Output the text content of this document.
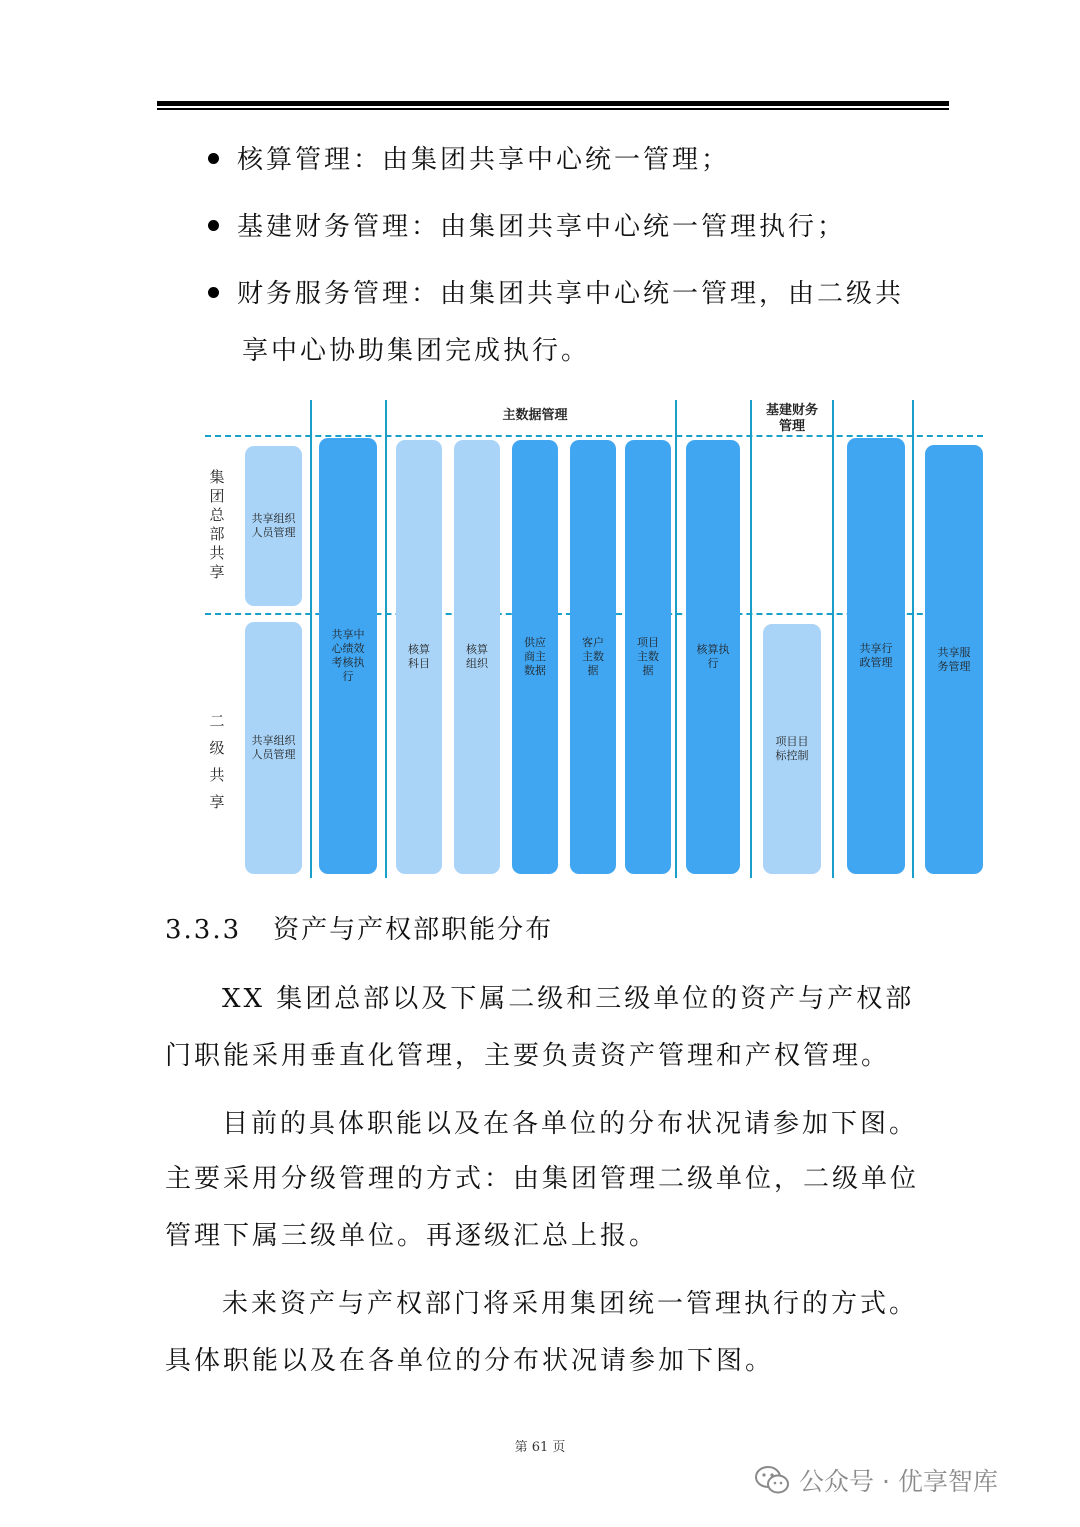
核算管理：由集团共享中心统一管理；
基建财务管理：由集团共享中心统一管理执行；
财务服务管理：由集团共享中心统一管理，由二级共
享中心协助集团完成执行。
主数据管理	基建财务
管理
集
团
总
部
共
享
二
级
共
享
共享组织
人员管理
共享组织
人员管理
共享中
心绩效
考核执
行
核算
科目
核算
组织
供应
商主
数据
客户
主数
据
项目
主数
据
核算执
行
项目目
标控制
共享行
政管理
共享服
务管理
3.3.3 资产与产权部职能分布
XX 集团总部以及下属二级和三级单位的资产与产权部
门职能采用垂直化管理，主要负责资产管理和产权管理。
目前的具体职能以及在各单位的分布状况请参加下图。
主要采用分级管理的方式：由集团管理二级单位，二级单位
管理下属三级单位。再逐级汇总上报。
未来资产与产权部门将采用集团统一管理执行的方式。
具体职能以及在各单位的分布状况请参加下图。
第 61 页
公众号 · 优享智库
